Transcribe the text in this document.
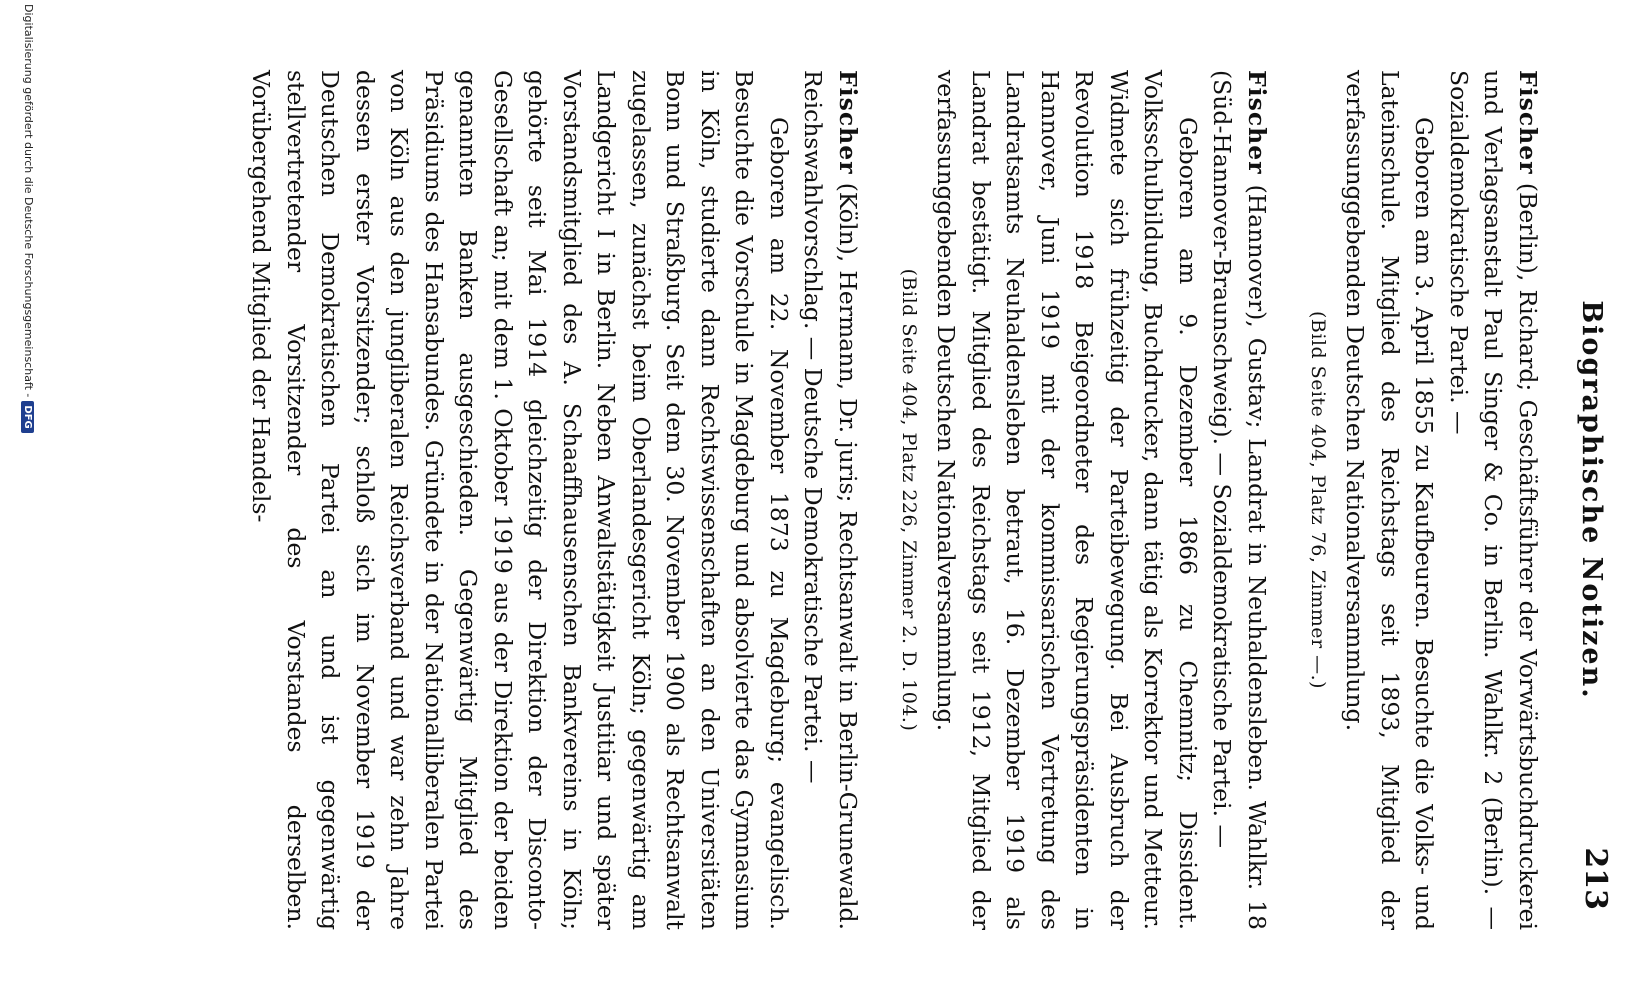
Biographische Notizen.
213

Fischer (Berlin), Richard; Geschäftsführer der Vorwärtsbuchdruckerei und Verlagsanstalt Paul Singer & Co. in Berlin. Wahlkr. 2 (Berlin). — Sozialdemokratische Partei. —

Geboren am 3. April 1855 zu Kaufbeuren. Besuchte die Volks- und Lateinschule. Mitglied des Reichstags seit 1893, Mitglied der verfassunggebenden Deutschen Nationalversammlung.

(Bild Seite 404, Platz 76, Zimmer —.)

Fischer (Hannover), Gustav; Landrat in Neuhaldensleben. Wahlkr. 18 (Süd-Hannover-Braunschweig). — Sozialdemokratische Partei. —

Geboren am 9. Dezember 1866 zu Chemnitz; Dissident. Volksschulbildung, Buchdrucker, dann tätig als Korrektor und Metteur. Widmete sich frühzeitig der Parteibewegung. Bei Ausbruch der Revolution 1918 Beigeordneter des Regierungspräsidenten in Hannover, Juni 1919 mit der kommissarischen Vertretung des Landratsamts Neuhaldensleben betraut, 16. Dezember 1919 als Landrat bestätigt. Mitglied des Reichstags seit 1912, Mitglied der verfassunggebenden Deutschen Nationalversammlung.

(Bild Seite 404, Platz 226, Zimmer 2. D. 104.)

Fischer (Köln), Hermann, Dr. juris; Rechtsanwalt in Berlin-Grunewald. Reichswahlvorschlag. — Deutsche Demokratische Partei. —

Geboren am 22. November 1873 zu Magdeburg; evangelisch. Besuchte die Vorschule in Magdeburg und absolvierte das Gymnasium in Köln, studierte dann Rechtswissenschaften an den Universitäten Bonn und Straßburg. Seit dem 30. November 1900 als Rechtsanwalt zugelassen, zunächst beim Oberlandesgericht Köln; gegenwärtig am Landgericht I in Berlin. Neben Anwaltstätigkeit Justitiar und später Vorstandsmitglied des A. Schaaffhausenschen Bankvereins in Köln; gehörte seit Mai 1914 gleichzeitig der Direktion der Disconto-Gesellschaft an; mit dem 1. Oktober 1919 aus der Direktion der beiden genannten Banken ausgeschieden. Gegenwärtig Mitglied des Präsidiums des Hansabundes. Gründete in der Nationalliberalen Partei von Köln aus den jungliberalen Reichsverband und war zehn Jahre dessen erster Vorsitzender; schloß sich im November 1919 der Deutschen Demokratischen Partei an und ist gegenwärtig stellvertretender Vorsitzender des Vorstandes derselben. Vorübergehend Mitglied der Handels-

Digitalisierung gefördert durch die Deutsche Forschungsgemeinschaft -DFG
